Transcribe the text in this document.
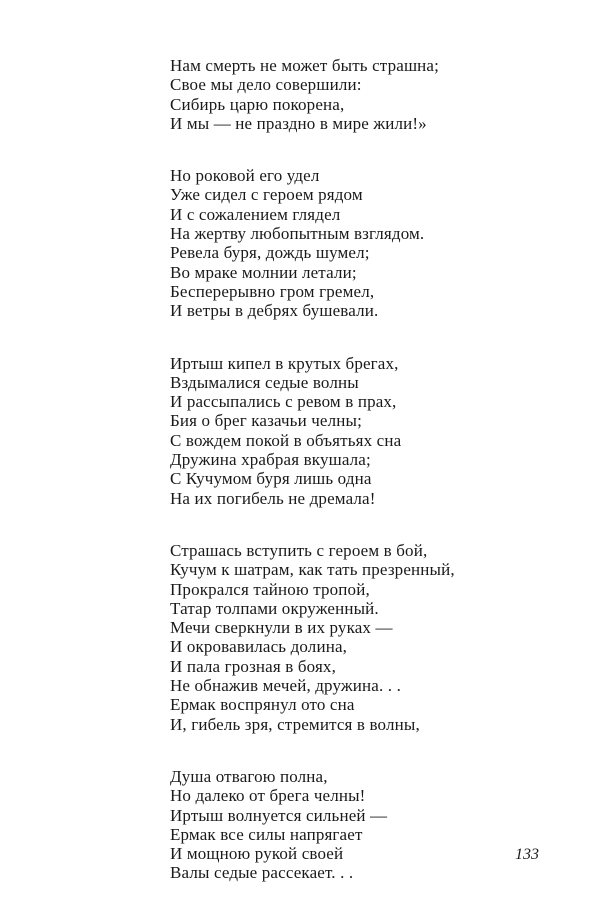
Нам смерть не может быть страшна;
Свое мы дело совершили:
Сибирь царю покорена,
И мы — не праздно в мире жили!»
Но роковой его удел
Уже сидел с героем рядом
И с сожалением глядел
На жертву любопытным взглядом.
Ревела буря, дождь шумел;
Во мраке молнии летали;
Бесперерывно гром гремел,
И ветры в дебрях бушевали.
Иртыш кипел в крутых брегах,
Вздымалися седые волны
И рассыпались с ревом в прах,
Бия о брег казачьи челны;
С вождем покой в объятьях сна
Дружина храбрая вкушала;
С Кучумом буря лишь одна
На их погибель не дремала!
Страшась вступить с героем в бой,
Кучум к шатрам, как тать презренный,
Прокрался тайною тропой,
Татар толпами окруженный.
Мечи сверкнули в их руках —
И окровавилась долина,
И пала грозная в боях,
Не обнажив мечей, дружина. . .
Ермак воспрянул ото сна
И, гибель зря, стремится в волны,
Душа отвагою полна,
Но далеко от брега челны!
Иртыш волнуется сильней —
Ермак все силы напрягает
И мощною рукой своей
Валы седые рассекает. . .
133
